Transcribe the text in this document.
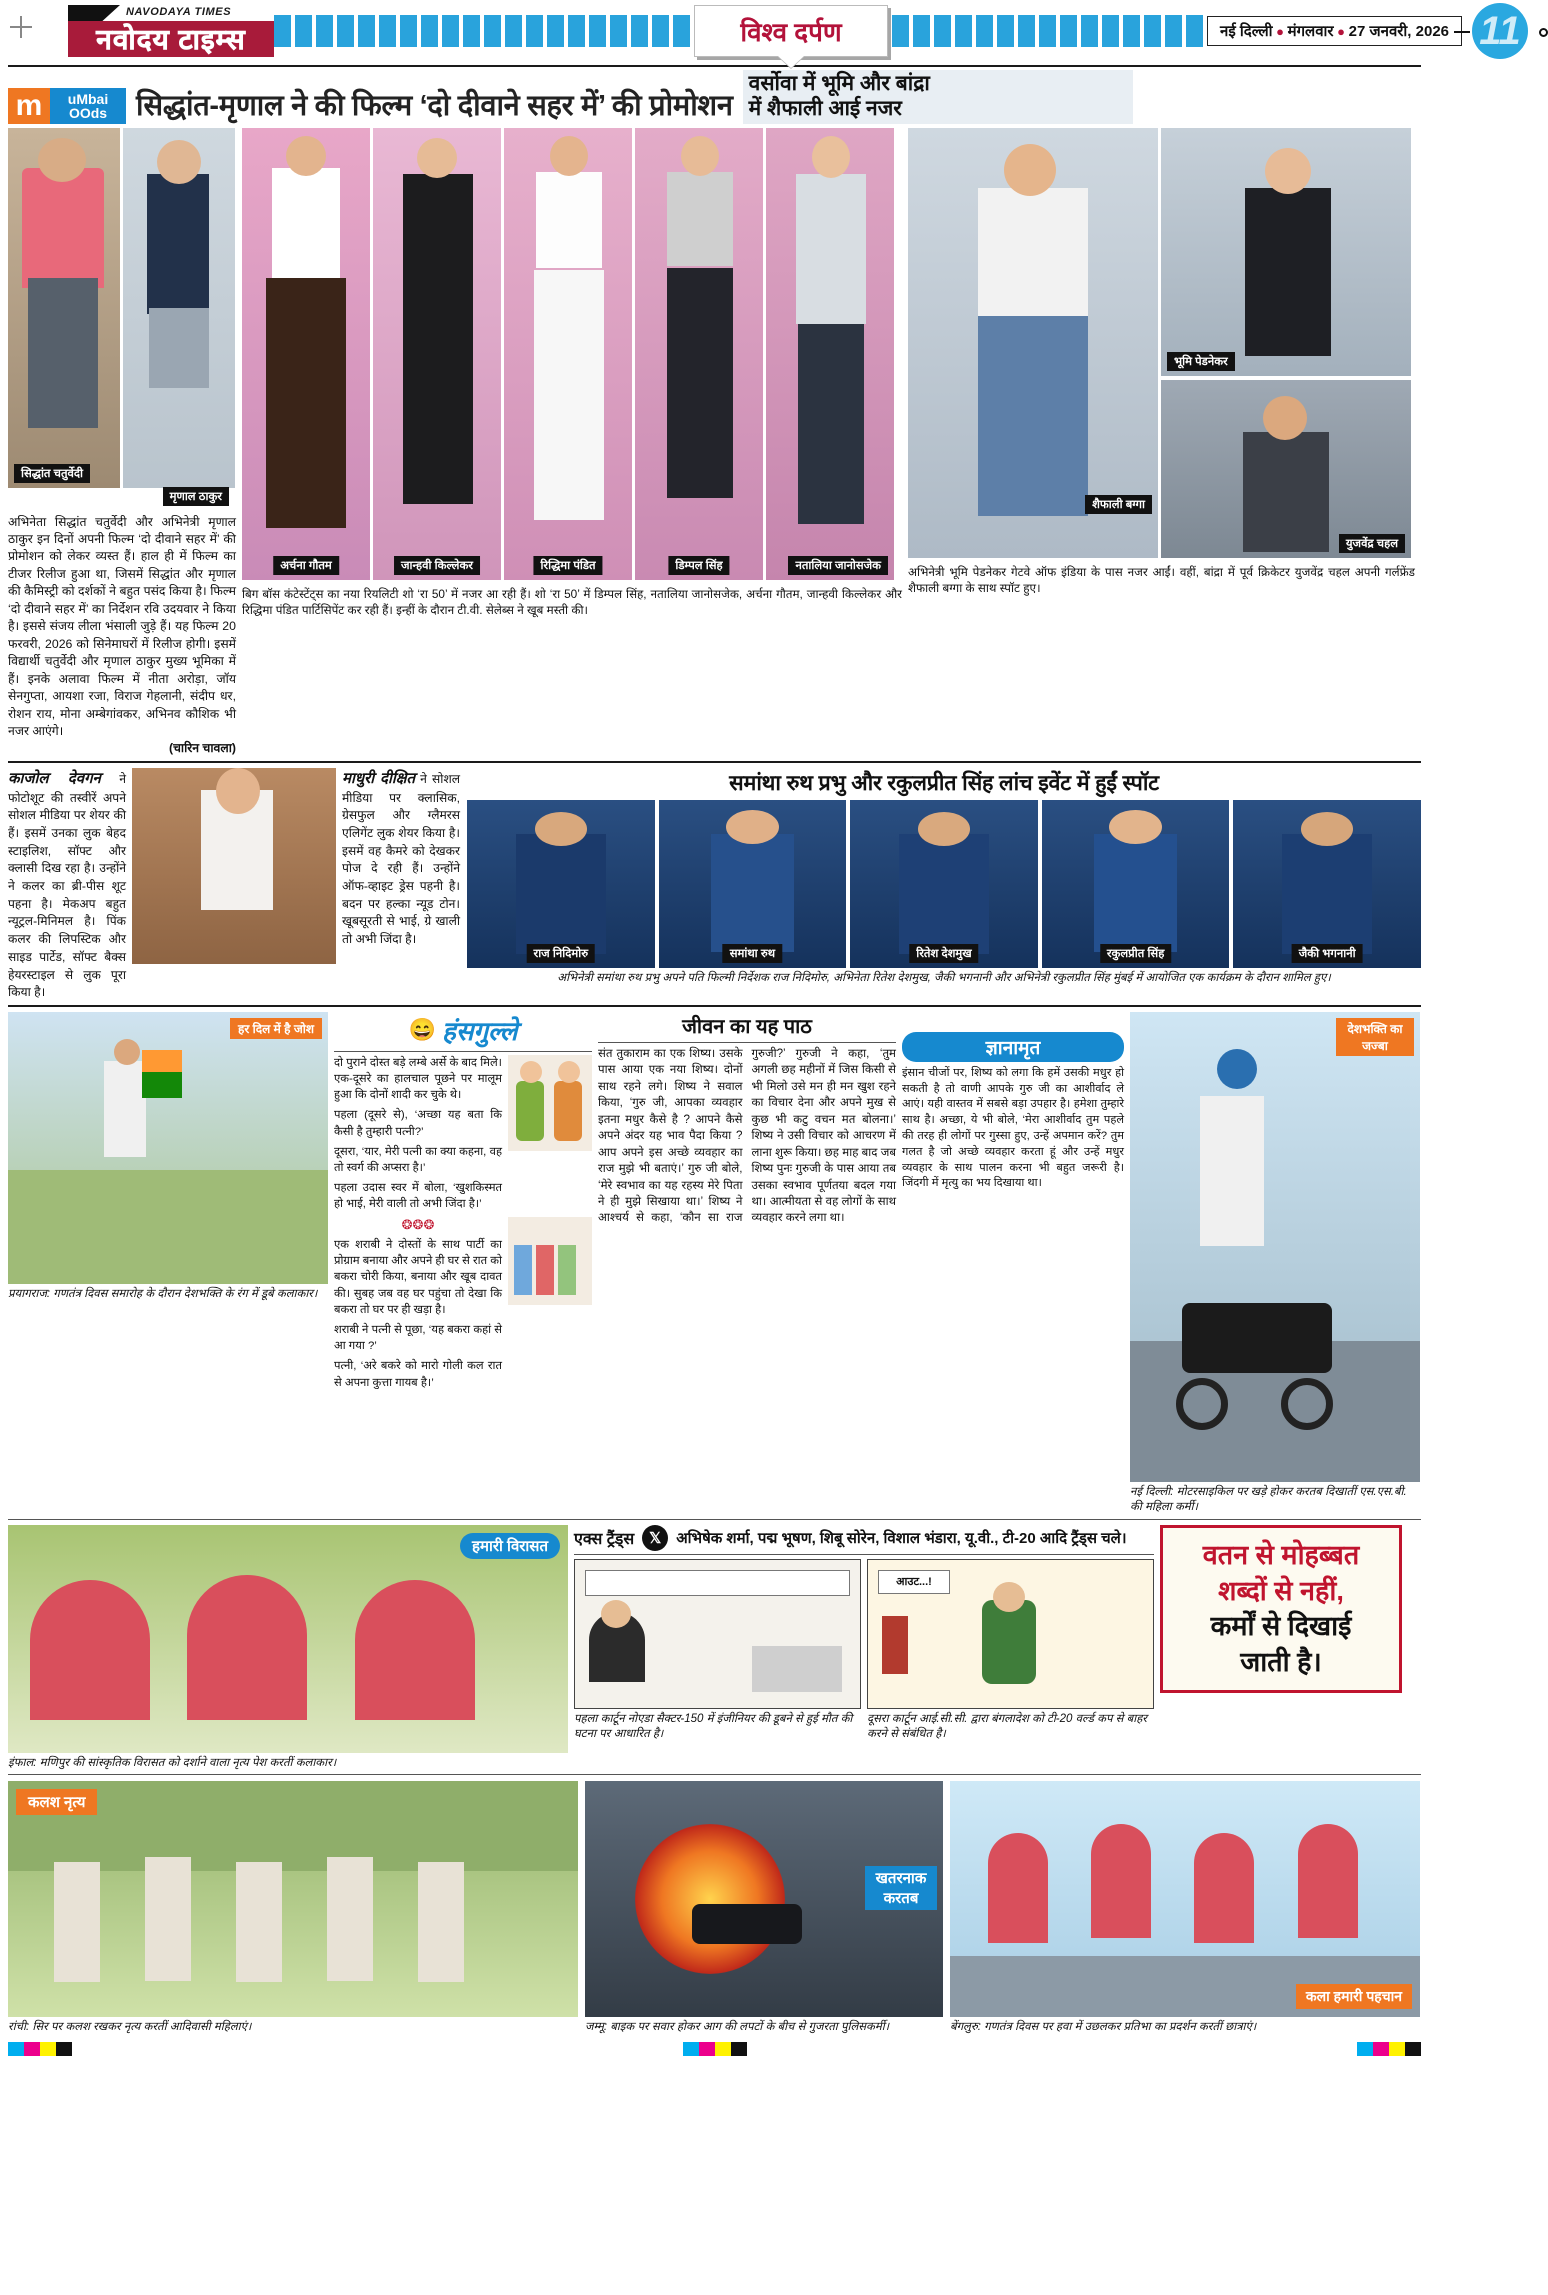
NAVODAYA TIMES
नवोदय टाइम्स	विश्व दर्पण	नई दिल्ली ● मंगलवार ● 27 जनवरी, 2026 11
m	uMbai
OOds सिद्धांत-मृणाल ने की फिल्म ‘दो दीवाने सहर में’ की प्रोमोशन
वर्सोवा में भूमि और बांद्रा
में शैफाली आई नजर
सिद्धांत चतुर्वेदी
मृणाल ठाकुर
अभिनेता सिद्धांत चतुर्वेदी और अभिनेत्री मृणाल ठाकुर इन दिनों अपनी फिल्म ‘दो दीवाने सहर में’ की प्रोमोशन को लेकर व्यस्त हैं। हाल ही में फिल्म का टीजर रिलीज हुआ था, जिसमें सिद्धांत और मृणाल की कैमिस्ट्री को दर्शकों ने बहुत पसंद किया है। फिल्म ‘दो दीवाने सहर में’ का निर्देशन रवि उदयवार ने किया है। इससे संजय लीला भंसाली जुड़े हैं। यह फिल्म 20 फरवरी, 2026 को सिनेमाघरों में रिलीज होगी। इसमें विद्यार्थी चतुर्वेदी और मृणाल ठाकुर मुख्य भूमिका में हैं। इनके अलावा फिल्म में नीता अरोड़ा, जॉय सेनगुप्ता, आयशा रजा, विराज गेहलानी, संदीप धर, रोशन राय, मोना अम्बेगांवकर, अभिनव कौशिक भी नजर आएंगे।
(चारिन चावला)
अर्चना गौतम	जान्हवी किल्लेकर	रिद्धिमा पंडित	डिम्पल सिंह	नतालिया जानोसजेक
बिग बॉस कंटेस्टेंट्स का नया रियलिटी शो ‘रा 50’ में नजर आ रही हैं। शो ‘रा 50’ में डिम्पल सिंह, नतालिया जानोसजेक, अर्चना गौतम, जान्हवी किल्लेकर और रिद्धिमा पंडित पार्टिसिपेंट कर रही हैं। इन्हीं के दौरान टी.वी. सेलेब्स ने खूब मस्ती की।
शैफाली बग्गा
भूमि पेडनेकर
युजवेंद्र चहल
अभिनेत्री भूमि पेडनेकर गेटवे ऑफ इंडिया के पास नजर आईं। वहीं, बांद्रा में पूर्व क्रिकेटर युजवेंद्र चहल अपनी गर्लफ्रेंड शैफाली बग्गा के साथ स्पॉट हुए।
काजोल देवगन ने फोटोशूट की तस्वीरें अपने सोशल मीडिया पर शेयर की हैं। इसमें उनका लुक बेहद स्टाइलिश, सॉफ्ट और क्लासी दिख रहा है। उन्होंने ने कलर का ब्री-पीस शूट पहना है। मेकअप बहुत न्यूट्रल-मिनिमल है। पिंक कलर की लिपस्टिक और साइड पार्टेड, सॉफ्ट बैक्स हेयरस्टाइल से लुक पूरा किया है।
माधुरी दीक्षित ने सोशल मीडिया पर क्लासिक, ग्रेसफुल और ग्लैमरस एलिगेंट लुक शेयर किया है। इसमें वह कैमरे को देखकर पोज दे रही हैं। उन्होंने ऑफ-व्हाइट ड्रेस पहनी है। बदन पर हल्का न्यूड टोन। खूबसूरती से भाई, ग्रे खाली तो अभी जिंदा है।
समांथा रुथ प्रभु और रकुलप्रीत सिंह लांच इवेंट में हुईं स्पॉट
राज निदिमोरु	समांथा रुथ	रितेश देशमुख	रकुलप्रीत सिंह	जैकी भगनानी
अभिनेत्री समांथा रुथ प्रभु अपने पति फिल्मी निर्देशक राज निदिमोरु, अभिनेता रितेश देशमुख, जैकी भगनानी और अभिनेत्री रकुलप्रीत सिंह मुंबई में आयोजित एक कार्यक्रम के दौरान शामिल हुए।
हर दिल में है जोश
प्रयागराज: गणतंत्र दिवस समारोह के दौरान देशभक्ति के रंग में डूबे कलाकार।
😄 हंसगुल्ले
दो पुराने दोस्त बड़े लम्बे अर्से के बाद मिले। एक-दूसरे का हालचाल पूछने पर मालूम हुआ कि दोनों शादी कर चुके थे।
पहला (दूसरे से), ‘अच्छा यह बता कि कैसी है तुम्हारी पत्नी?’
दूसरा, ‘यार, मेरी पत्नी का क्या कहना, वह तो स्वर्ग की अप्सरा है।’
पहला उदास स्वर में बोला, ‘खुशकिस्मत हो भाई, मेरी वाली तो अभी जिंदा है।’
❂❂❂
एक शराबी ने दोस्तों के साथ पार्टी का प्रोग्राम बनाया और अपने ही घर से रात को बकरा चोरी किया, बनाया और खूब दावत की। सुबह जब वह घर पहुंचा तो देखा कि बकरा तो घर पर ही खड़ा है।
शराबी ने पत्नी से पूछा, ‘यह बकरा कहां से आ गया ?’
पत्नी, ‘अरे बकरे को मारो गोली कल रात से अपना कुत्ता गायब है।’
जीवन का यह पाठ
संत तुकाराम का एक शिष्य। उसके पास आया एक नया शिष्य। दोनों साथ रहने लगे। शिष्य ने सवाल किया, ‘गुरु जी, आपका व्यवहार इतना मधुर कैसे है ? आपने कैसे अपने अंदर यह भाव पैदा किया ? आप अपने इस अच्छे व्यवहार का राज मुझे भी बताएं।’ गुरु जी बोले, ‘मेरे स्वभाव का यह रहस्य मेरे पिता ने ही मुझे सिखाया था।’ शिष्य ने आश्चर्य से कहा, ‘कौन सा राज गुरुजी?’ गुरुजी ने कहा, ‘तुम अगली छह महीनों में जिस किसी से भी मिलो उसे मन ही मन खुश रहने का विचार देना और अपने मुख से कुछ भी कटु वचन मत बोलना।’ शिष्य ने उसी विचार को आचरण में लाना शुरू किया। छह माह बाद जब शिष्य पुनः गुरुजी के पास आया तब उसका स्वभाव पूर्णतया बदल गया था। आत्मीयता से वह लोगों के साथ व्यवहार करने लगा था।

ज्ञानामृत
इंसान चीजों पर, शिष्य को लगा कि हमें उसकी मधुर हो सकती है तो वाणी आपके गुरु जी का आशीर्वाद ले आएं। यही वास्तव में सबसे बड़ा उपहार है। हमेशा तुम्हारे साथ है। अच्छा, ये भी बोले, ‘मेरा आशीर्वाद तुम पहले की तरह ही लोगों पर गुस्सा हुए, उन्हें अपमान करें? तुम गलत है जो अच्छे व्यवहार करता हूं और उन्हें मधुर व्यवहार के साथ पालन करना भी बहुत जरूरी है। जिंदगी में मृत्यु का भय दिखाया था।
देशभक्ति का जज्बा
नई दिल्ली: मोटरसाइकिल पर खड़े होकर करतब दिखातीं एस.एस.बी. की महिला कर्मी।
हमारी विरासत
इंफाल: मणिपुर की सांस्कृतिक विरासत को दर्शाने वाला नृत्य पेश करतीं कलाकार।
एक्स ट्रैंड्स 𝕏 अभिषेक शर्मा, पद्म भूषण, शिबू सोरेन, विशाल भंडारा, यू.वी., टी-20 आदि ट्रैंड्स चले।
आउट...!
पहला कार्टून नोएडा सैक्टर-150 में इंजीनियर की डूबने से हुई मौत की घटना पर आधारित है।
दूसरा कार्टून आई.सी.सी. द्वारा बंगलादेश को टी-20 वर्ल्ड कप से बाहर करने से संबंधित है।
वतन से मोहब्बत
शब्दों से नहीं,
कर्मों से दिखाई
जाती है।
कलश नृत्य
रांची: सिर पर कलश रखकर नृत्य करतीं आदिवासी महिलाएं।
खतरनाक करतब
जम्मू: बाइक पर सवार होकर आग की लपटों के बीच से गुजरता पुलिसकर्मी।
कला हमारी पहचान
बेंगलुरु: गणतंत्र दिवस पर हवा में उछलकर प्रतिभा का प्रदर्शन करतीं छात्राएं।
